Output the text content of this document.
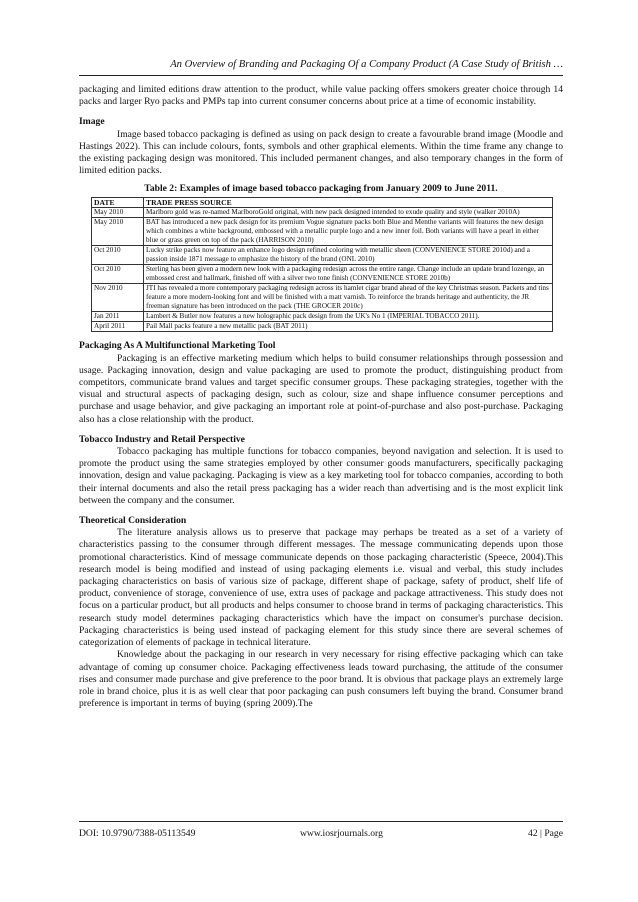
An Overview of Branding and Packaging Of a Company Product (A Case Study of British …

packaging and limited editions draw attention to the product, while value packing offers smokers greater choice through 14 packs and larger Ryo packs and PMPs tap into current consumer concerns about price at a time of economic instability.

Image

Image based tobacco packaging is defined as using on pack design to create a favourable brand image (Moodle and Hastings 2022). This can include colours, fonts, symbols and other graphical elements. Within the time frame any change to the existing packaging design was monitored. This included permanent changes, and also temporary changes in the form of limited edition packs.

Table 2: Examples of image based tobacco packaging from January 2009 to June 2011.
DATE	TRADE PRESS SOURCE
May 2010	Marlboro gold was re-named MarlboroGold original, with new pack designed intended to exude quality and style (walker 2010A)
May 2010	BAT has introduced a new pack design for its premium Vogue signature packs both Blue and Menthe variants will features the new design which combines a white background, embossed with a metallic purple logo and a new inner foil. Both variants will have a pearl in either blue or grass green on top of the pack (HARRISON 2010)
Oct 2010	Lucky strike packs now feature an enhance logo design refined coloring with metallic sheen (CONVENIENCE STORE 2010d) and a passion inside 1871 message to emphasize the history of the brand (ONL 2010)
Oct 2010	Sterling has been given a modern new look with a packaging redesign across the entire range. Change include an update brand lozenge, an embossed crest and hallmark, finished off with a silver two tone finish (CONVENIENCE STORE 2010b)
Nov 2010	JTI has revealed a more contemporary packaging redesign across its hamlet cigar brand ahead of the key Christmas season. Packets and tins feature a more modern-looking font and will be finished with a matt varnish. To reinforce the brands heritage and authenticity, the JR freeman signature has been introduced on the pack (THE GROCER 2010c)
Jan 2011	Lambert & Butler now features a new holographic pack design from the UK's No 1 (IMPERIAL TOBACCO 2011).
April 2011	Pail Mall packs feature a new metallic pack (BAT 2011)
Packaging As A Multifunctional Marketing Tool

Packaging is an effective marketing medium which helps to build consumer relationships through possession and usage. Packaging innovation, design and value packaging are used to promote the product, distinguishing product from competitors, communicate brand values and target specific consumer groups. These packaging strategies, together with the visual and structural aspects of packaging design, such as colour, size and shape influence consumer perceptions and purchase and usage behavior, and give packaging an important role at point-of-purchase and also post-purchase. Packaging also has a close relationship with the product.

Tobacco Industry and Retail Perspective

Tobacco packaging has multiple functions for tobacco companies, beyond navigation and selection. It is used to promote the product using the same strategies employed by other consumer goods manufacturers, specifically packaging innovation, design and value packaging. Packaging is view as a key marketing tool for tobacco companies, according to both their internal documents and also the retail press packaging has a wider reach than advertising and is the most explicit link between the company and the consumer.

Theoretical Consideration

The literature analysis allows us to preserve that package may perhaps be treated as a set of a variety of characteristics passing to the consumer through different messages. The message communicating depends upon those promotional characteristics. Kind of message communicate depends on those packaging characteristic (Speece, 2004).This research model is being modified and instead of using packaging elements i.e. visual and verbal, this study includes packaging characteristics on basis of various size of package, different shape of package, safety of product, shelf life of product, convenience of storage, convenience of use, extra uses of package and package attractiveness. This study does not focus on a particular product, but all products and helps consumer to choose brand in terms of packaging characteristics. This research study model determines packaging characteristics which have the impact on consumer's purchase decision. Packaging characteristics is being used instead of packaging element for this study since there are several schemes of categorization of elements of package in technical literature.

Knowledge about the packaging in our research in very necessary for rising effective packaging which can take advantage of coming up consumer choice. Packaging effectiveness leads toward purchasing, the attitude of the consumer rises and consumer made purchase and give preference to the poor brand. It is obvious that package plays an extremely large role in brand choice, plus it is as well clear that poor packaging can push consumers left buying the brand. Consumer brand preference is important in terms of buying (spring 2009).The

DOI: 10.9790/7388-05113549	www.iosrjournals.org	42 | Page
